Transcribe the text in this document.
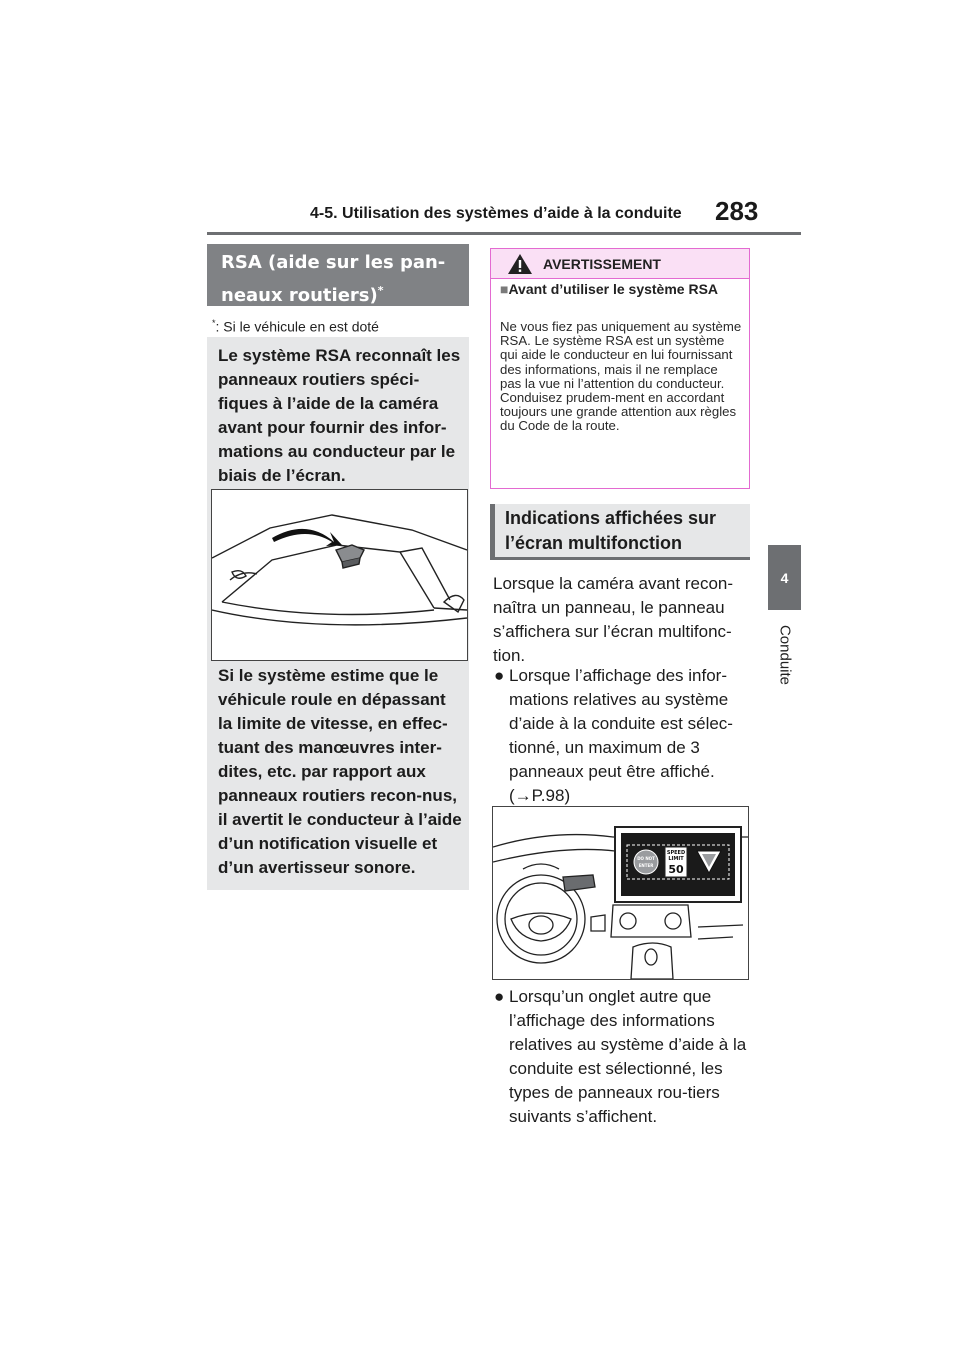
4-5. Utilisation des systèmes d’aide à la conduite 283
4
Conduite
RSA (aide sur les pan-
neaux routiers)*
*: Si le véhicule en est doté
Le système RSA reconnaît les panneaux routiers spéci-fiques à l’aide de la caméra avant pour fournir des infor-mations au conducteur par le biais de l’écran.
Si le système estime que le véhicule roule en dépassant la limite de vitesse, en effec-tuant des manœuvres inter-dites, etc. par rapport aux panneaux routiers recon-nus, il avertit le conducteur à l’aide d’un notification visuelle et d’un avertisseur sonore.
AVERTISSEMENT
■Avant d’utiliser le système RSA
Ne vous fiez pas uniquement au système RSA. Le système RSA est un système qui aide le conducteur en lui fournissant des informations, mais il ne remplace pas la vue ni l’attention du conducteur. Conduisez prudem-ment en accordant toujours une grande attention aux règles du Code de la route.
Indications affichées sur l’écran multifonction
Lorsque la caméra avant recon-naîtra un panneau, le panneau s’affichera sur l’écran multifonc-tion.
● Lorsque l’affichage des infor-mations relatives au système d’aide à la conduite est sélec-tionné, un maximum de 3 panneaux peut être affiché. (→P.98)
DO NOT
ENTER
SPEED
LIMIT
50
● Lorsqu’un onglet autre que l’affichage des informations relatives au système d’aide à la conduite est sélectionné, les types de panneaux rou-tiers suivants s’affichent.
